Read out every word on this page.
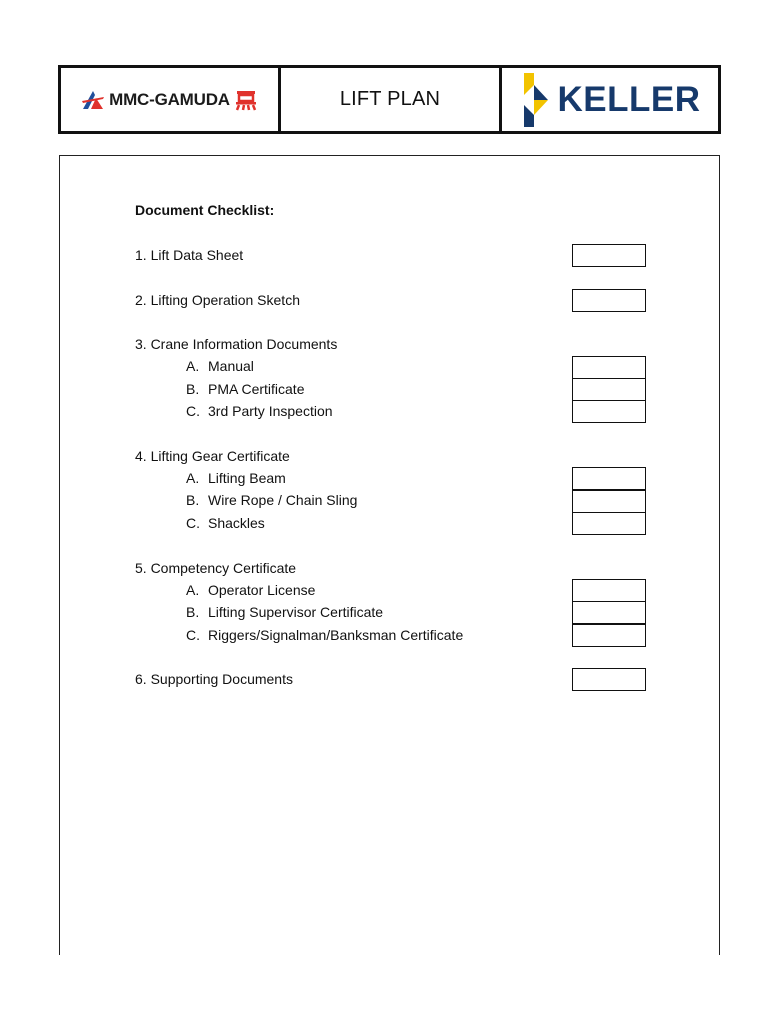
MMC-GAMUDA	LIFT PLAN	KELLER
Document Checklist:
1. Lift Data Sheet
2. Lifting Operation Sketch
3. Crane Information Documents
A. Manual
B. PMA Certificate
C. 3rd Party Inspection
4. Lifting Gear Certificate
A. Lifting Beam
B. Wire Rope / Chain Sling
C. Shackles
5. Competency Certificate
A. Operator License
B. Lifting Supervisor Certificate
C. Riggers/Signalman/Banksman Certificate
6. Supporting Documents
